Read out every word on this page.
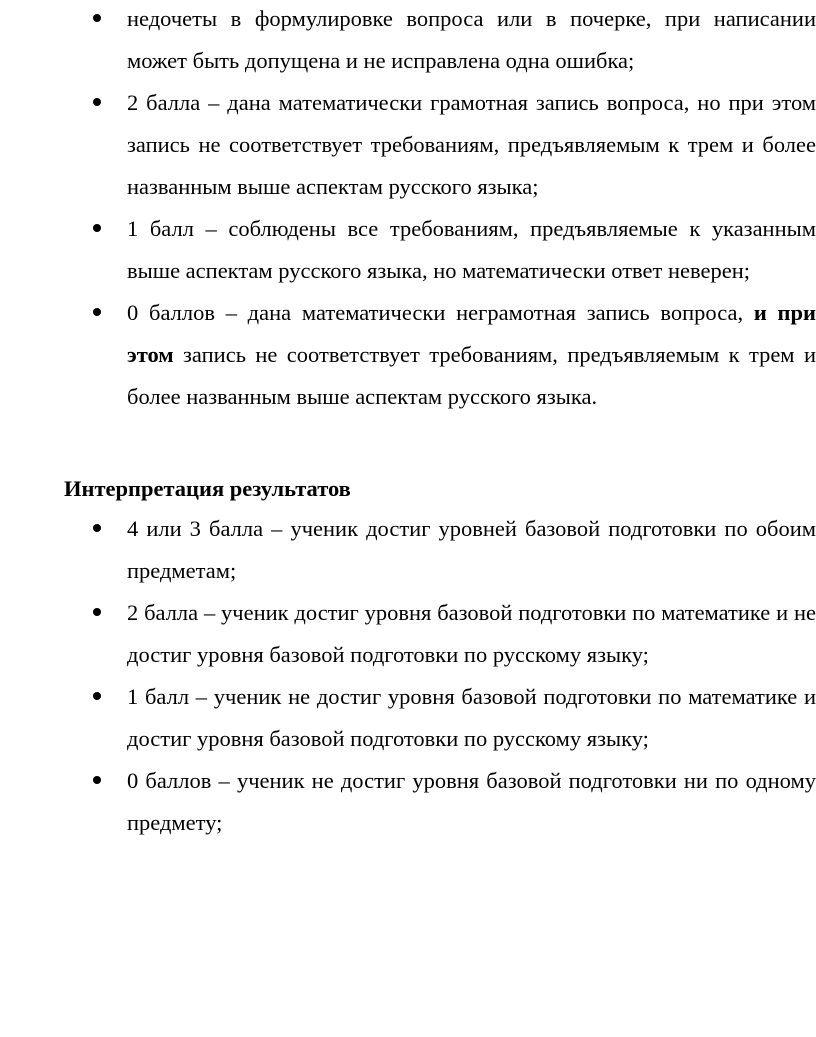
недочеты в формулировке вопроса или в почерке, при написании может быть допущена и не исправлена одна ошибка;
2 балла – дана математически грамотная запись вопроса, но при этом запись не соответствует требованиям, предъявляемым к трем и более названным выше аспектам русского языка;
1 балл – соблюдены все требованиям, предъявляемые к указанным выше аспектам русского языка, но математически ответ неверен;
0 баллов – дана математически неграмотная запись вопроса, и при этом запись не соответствует требованиям, предъявляемым к трем и более названным выше аспектам русского языка.
Интерпретация результатов
4 или 3 балла – ученик достиг уровней базовой подготовки по обоим предметам;
2 балла – ученик достиг уровня базовой подготовки по математике и не достиг уровня базовой подготовки по русскому языку;
1 балл – ученик не достиг уровня базовой подготовки по математике и достиг уровня базовой подготовки по русскому языку;
0 баллов – ученик не достиг уровня базовой подготовки ни по одному предмету;
